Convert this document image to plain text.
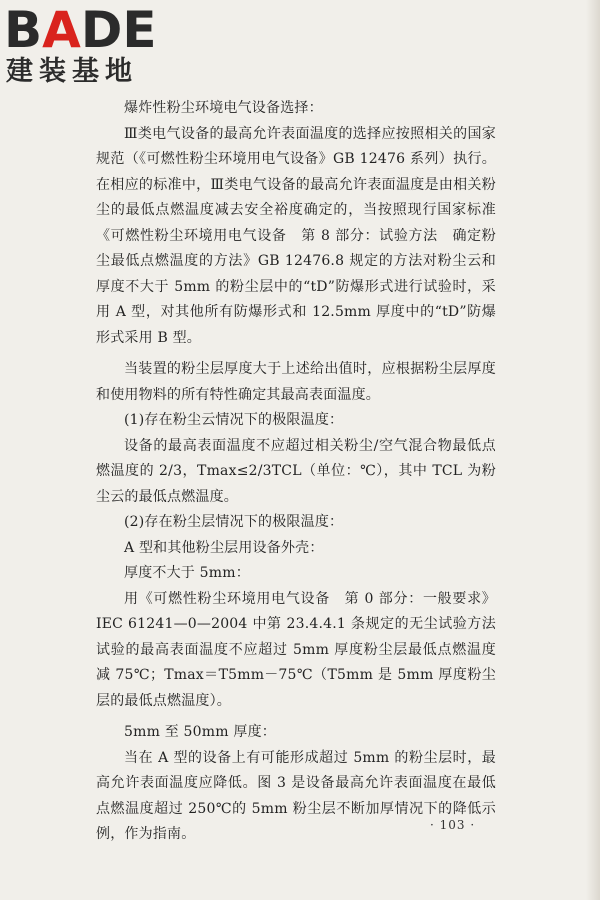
BADE
建装基地

爆炸性粉尘环境电气设备选择：

Ⅲ类电气设备的最高允许表面温度的选择应按照相关的国家规范（《可燃性粉尘环境用电气设备》GB 12476 系列）执行。在相应的标准中，Ⅲ类电气设备的最高允许表面温度是由相关粉尘的最低点燃温度减去安全裕度确定的，当按照现行国家标准《可燃性粉尘环境用电气设备　第 8 部分：试验方法　确定粉尘最低点燃温度的方法》GB 12476.8 规定的方法对粉尘云和厚度不大于 5mm 的粉尘层中的“tD”防爆形式进行试验时，采用 A 型，对其他所有防爆形式和 12.5mm 厚度中的“tD”防爆形式采用 B 型。

当装置的粉尘层厚度大于上述给出值时，应根据粉尘层厚度和使用物料的所有特性确定其最高表面温度。

(1)存在粉尘云情况下的极限温度：

设备的最高表面温度不应超过相关粉尘/空气混合物最低点燃温度的 2/3，Tmax≤2/3TCL（单位：℃），其中 TCL 为粉尘云的最低点燃温度。

(2)存在粉尘层情况下的极限温度：

A 型和其他粉尘层用设备外壳：

厚度不大于 5mm：

用《可燃性粉尘环境用电气设备　第 0 部分：一般要求》IEC 61241—0—2004 中第 23.4.4.1 条规定的无尘试验方法试验的最高表面温度不应超过 5mm 厚度粉尘层最低点燃温度减 75℃；Tmax＝T5mm－75℃（T5mm 是 5mm 厚度粉尘层的最低点燃温度）。

5mm 至 50mm 厚度：

当在 A 型的设备上有可能形成超过 5mm 的粉尘层时，最高允许表面温度应降低。图 3 是设备最高允许表面温度在最低点燃温度超过 250℃的 5mm 粉尘层不断加厚情况下的降低示例，作为指南。

· 103 ·
